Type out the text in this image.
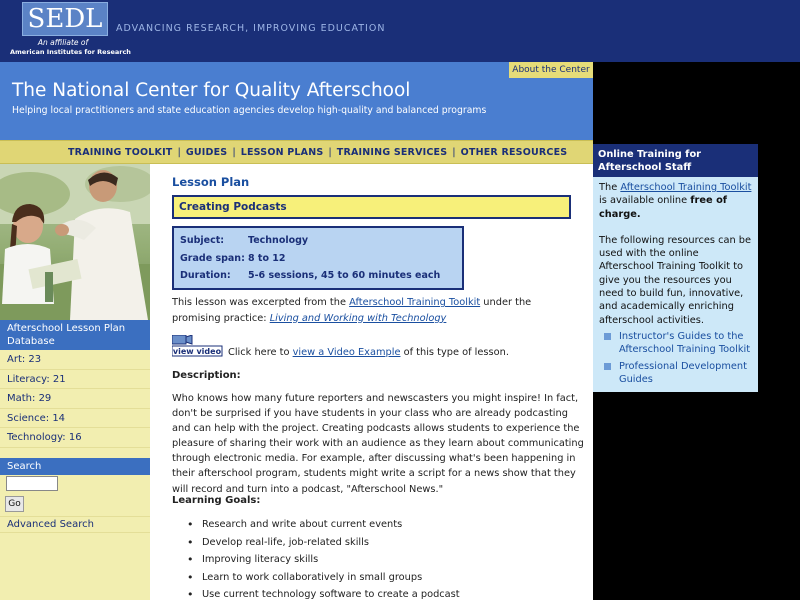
SEDL
An affiliate of
American Institutes for Research
ADVANCING RESEARCH, IMPROVING EDUCATION
About the Center
The National Center for Quality Afterschool
Helping local practitioners and state education agencies develop high-quality and balanced programs
TRAINING TOOLKIT | GUIDES | LESSON PLANS | TRAINING SERVICES | OTHER RESOURCES
Afterschool Lesson Plan Database
Art: 23
Literacy: 21
Math: 29
Science: 14
Technology: 16
Search
Go
Advanced Search
Lesson Plan
Creating Podcasts
Subject:	Technology
Grade span: 8 to 12
Duration:	5-6 sessions, 45 to 60 minutes each
This lesson was excerpted from the Afterschool Training Toolkit under the promising practice: Living and Working with Technology
view video Click here to view a Video Example of this type of lesson.
Description:
Who knows how many future reporters and newscasters you might inspire! In fact, don't be surprised if you have students in your class who are already podcasting and can help with the project. Creating podcasts allows students to experience the pleasure of sharing their work with an audience as they learn about communicating through electronic media. For example, after discussing what's been happening in their afterschool program, students might write a script for a news show that they will record and turn into a podcast, "Afterschool News."
Learning Goals:
• Research and write about current events
• Develop real-life, job-related skills
• Improving literacy skills
• Learn to work collaboratively in small groups
• Use current technology software to create a podcast
Online Training for Afterschool Staff
The Afterschool Training Toolkit is available online free of charge.
The following resources can be used with the online Afterschool Training Toolkit to give you the resources you need to build fun, innovative, and academically enriching afterschool activities.
Instructor's Guides to the Afterschool Training Toolkit
Professional Development Guides
